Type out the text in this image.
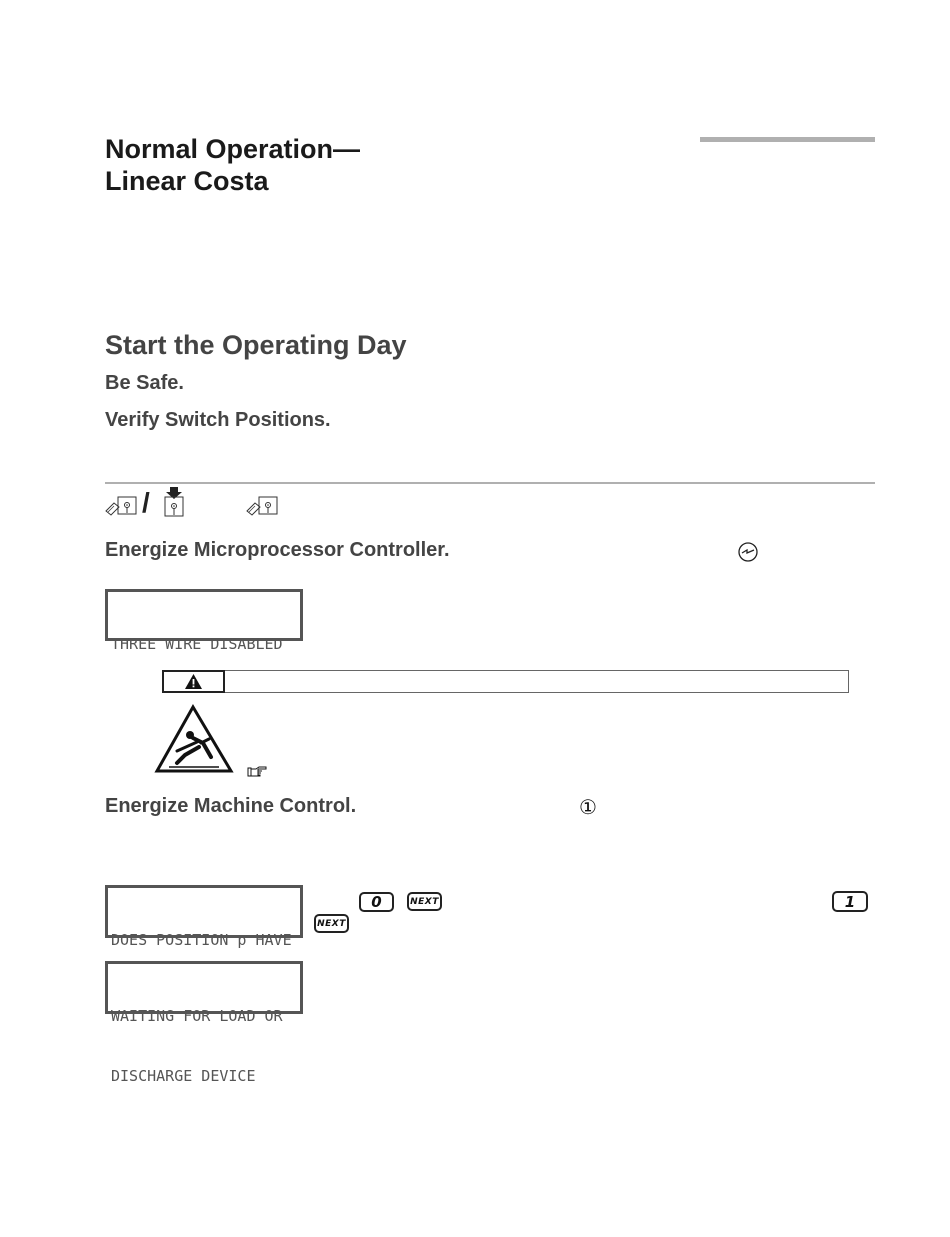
Normal Operation—
Linear Costa
Start the Operating Day
Be Safe.
Verify Switch Positions.
/
Energize Microprocessor Controller.

THREE WIRE DISABLED

Energize Machine Control.	①

DOES POSITION p HAVE

0	NEXT	1
NEXT

WAITING FOR LOAD OR

DISCHARGE DEVICE
